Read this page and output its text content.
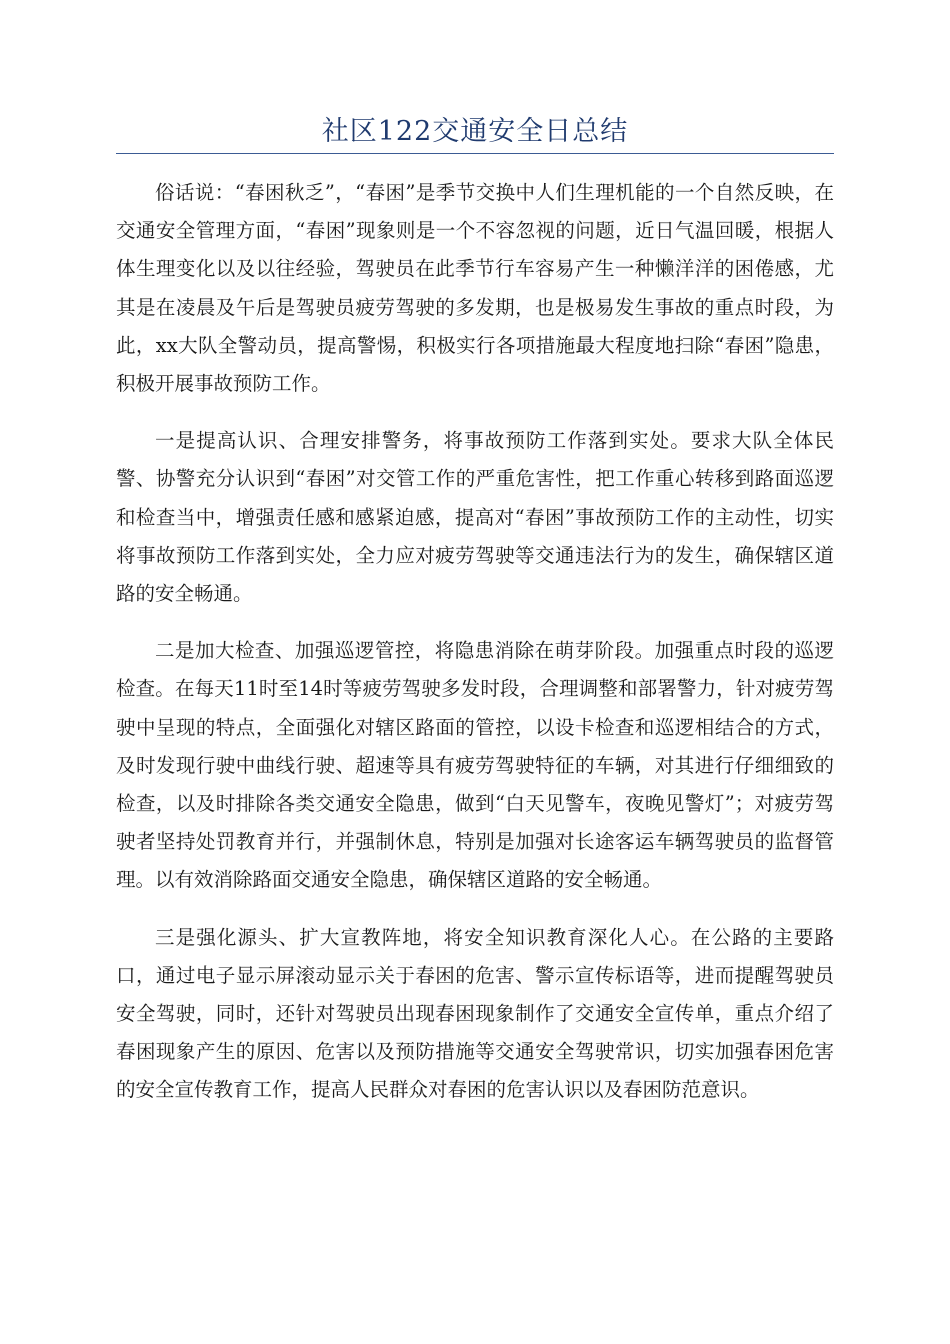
社区122交通安全日总结

俗话说：“春困秋乏”，“春困”是季节交换中人们生理机能的一个自然反映，在交通安全管理方面，“春困”现象则是一个不容忽视的问题，近日气温回暖，根据人体生理变化以及以往经验，驾驶员在此季节行车容易产生一种懒洋洋的困倦感，尤其是在凌晨及午后是驾驶员疲劳驾驶的多发期，也是极易发生事故的重点时段，为此，xx大队全警动员，提高警惕，积极实行各项措施最大程度地扫除“春困”隐患，积极开展事故预防工作。

一是提高认识、合理安排警务，将事故预防工作落到实处。要求大队全体民警、协警充分认识到“春困”对交管工作的严重危害性，把工作重心转移到路面巡逻和检查当中，增强责任感和感紧迫感，提高对“春困”事故预防工作的主动性，切实将事故预防工作落到实处，全力应对疲劳驾驶等交通违法行为的发生，确保辖区道路的安全畅通。

二是加大检查、加强巡逻管控，将隐患消除在萌芽阶段。加强重点时段的巡逻检查。在每天11时至14时等疲劳驾驶多发时段，合理调整和部署警力，针对疲劳驾驶中呈现的特点，全面强化对辖区路面的管控，以设卡检查和巡逻相结合的方式，及时发现行驶中曲线行驶、超速等具有疲劳驾驶特征的车辆，对其进行仔细细致的检查，以及时排除各类交通安全隐患，做到“白天见警车，夜晚见警灯”；对疲劳驾驶者坚持处罚教育并行，并强制休息，特别是加强对长途客运车辆驾驶员的监督管理。以有效消除路面交通安全隐患，确保辖区道路的安全畅通。

三是强化源头、扩大宣教阵地，将安全知识教育深化人心。在公路的主要路口，通过电子显示屏滚动显示关于春困的危害、警示宣传标语等，进而提醒驾驶员安全驾驶，同时，还针对驾驶员出现春困现象制作了交通安全宣传单，重点介绍了春困现象产生的原因、危害以及预防措施等交通安全驾驶常识，切实加强春困危害的安全宣传教育工作，提高人民群众对春困的危害认识以及春困防范意识。
